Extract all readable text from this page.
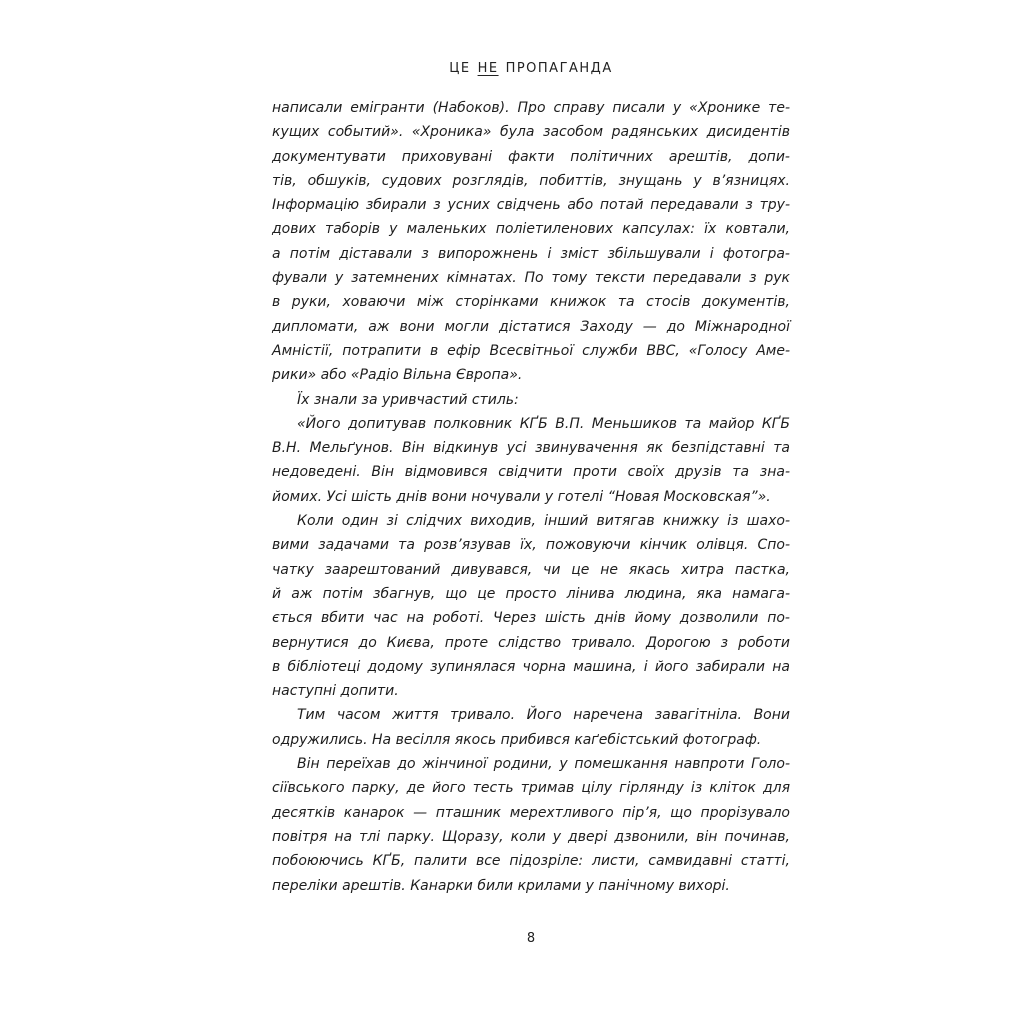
ЦЕ НЕ ПРОПАГАНДА
написали емігранти (Набоков). Про справу писали у «Хронике те-
кущих событий». «Хроника» була засобом радянських дисидентів
документувати приховувані факти політичних арештів, допи-
тів, обшуків, судових розглядів, побиттів, знущань у в’язницях.
Інформацію збирали з усних свідчень або потай передавали з тру-
дових таборів у маленьких поліетиленових капсулах: їх ковтали,
а потім діставали з випорожнень і зміст збільшували і фотогра-
фували у затемнених кімнатах. По тому тексти передавали з рук
в руки, ховаючи між сторінками книжок та стосів документів,
дипломати, аж вони могли дістатися Заходу — до Міжнародної
Амністії, потрапити в ефір Всесвітньої служби ВВС, «Голосу Аме-
рики» або «Радіо Вільна Європа».
Їх знали за уривчастий стиль:
«Його допитував полковник КҐБ В.П. Меньшиков та майор КҐБ
В.Н. Мельґунов. Він відкинув усі звинувачення як безпідставні та
недоведені. Він відмовився свідчити проти своїх друзів та зна-
йомих. Усі шість днів вони ночували у готелі “Новая Московская”».
Коли один зі слідчих виходив, інший витягав книжку із шахо-
вими задачами та розв’язував їх, пожовуючи кінчик олівця. Спо-
чатку заарештований дивувався, чи це не якась хитра пастка,
й аж потім збагнув, що це просто лінива людина, яка намага-
ється вбити час на роботі. Через шість днів йому дозволили по-
вернутися до Києва, проте слідство тривало. Дорогою з роботи
в бібліотеці додому зупинялася чорна машина, і його забирали на
наступні допити.
Тим часом життя тривало. Його наречена завагітніла. Вони
одружились. На весілля якось прибився каґебістський фотограф.
Він переїхав до жінчиної родини, у помешкання навпроти Голо-
сіївського парку, де його тесть тримав цілу гірлянду із кліток для
десятків канарок — пташник мерехтливого пір’я, що прорізувало
повітря на тлі парку. Щоразу, коли у двері дзвонили, він починав,
побоюючись КҐБ, палити все підозріле: листи, самвидавні статті,
переліки арештів. Канарки били крилами у панічному вихорі.
8
